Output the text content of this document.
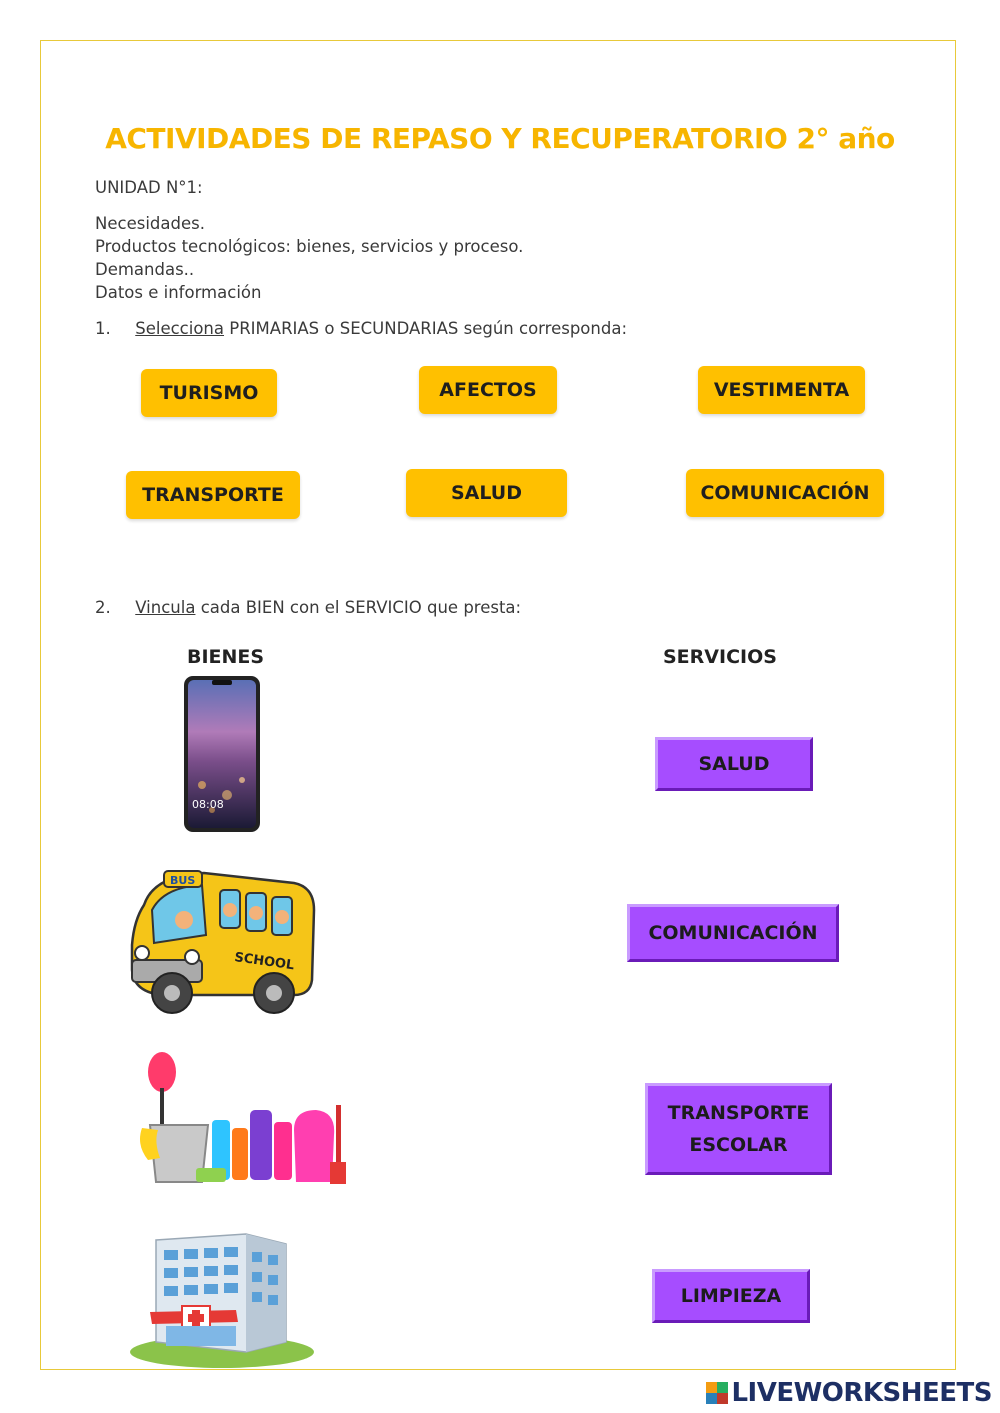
ACTIVIDADES DE REPASO Y RECUPERATORIO 2° año
UNIDAD N°1:
Necesidades.
Productos tecnológicos: bienes, servicios y proceso.
Demandas..
Datos e información
1. Selecciona PRIMARIAS o SECUNDARIAS según corresponda:
TURISMO	AFECTOS	VESTIMENTA
TRANSPORTE	SALUD	COMUNICACIÓN
2. Vincula cada BIEN con el SERVICIO que presta:
BIENES	SERVICIOS
08:08
BUS
SCHOOL
SALUD
COMUNICACIÓN
TRANSPORTE ESCOLAR
LIMPIEZA
LIVEWORKSHEETS
